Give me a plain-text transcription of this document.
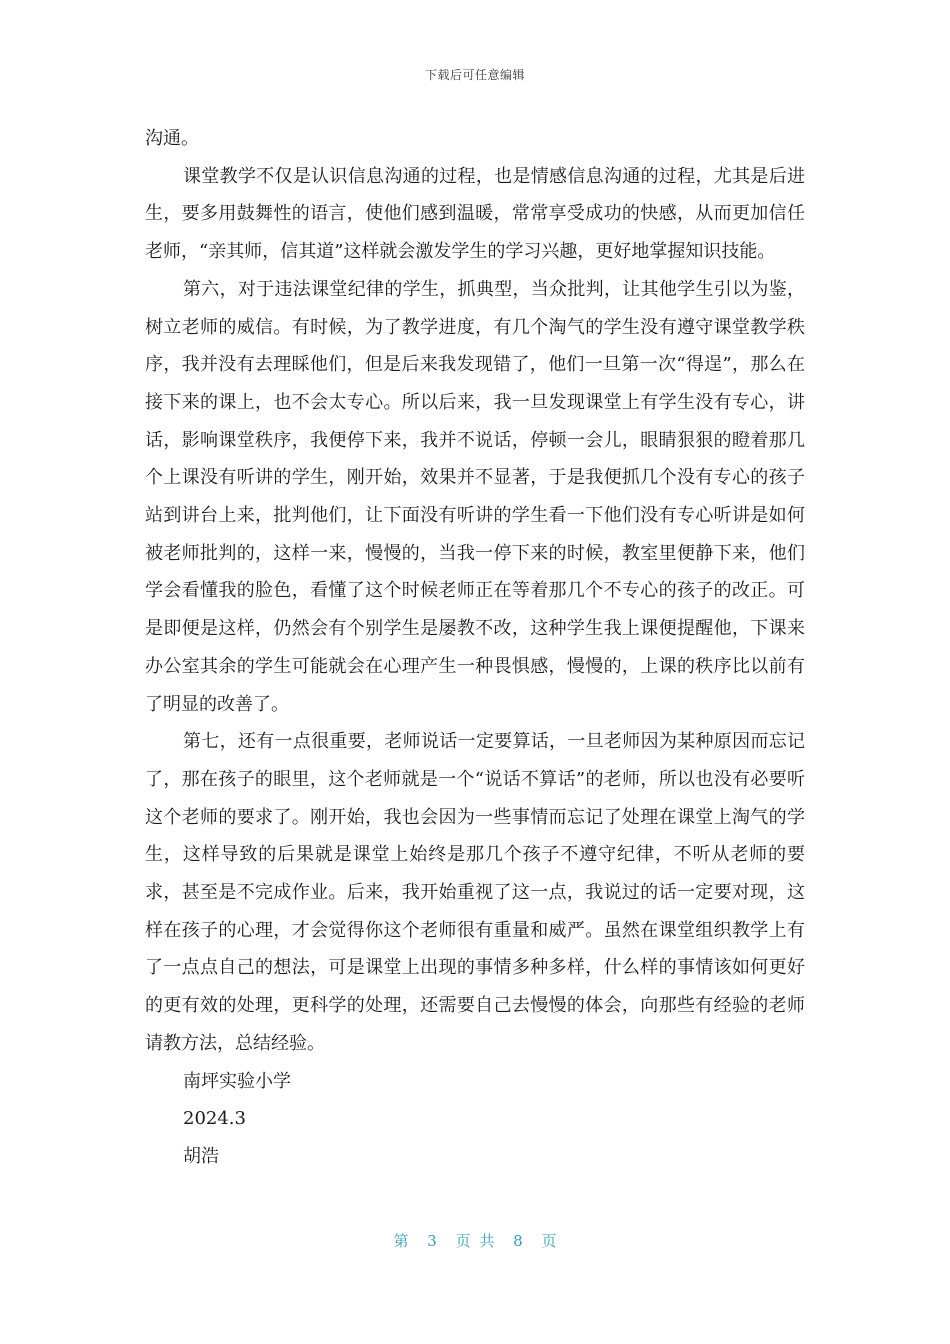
下载后可任意编辑

沟通。

课堂教学不仅是认识信息沟通的过程，也是情感信息沟通的过程，尤其是后进生，要多用鼓舞性的语言，使他们感到温暖，常常享受成功的快感，从而更加信任老师，“亲其师，信其道”这样就会激发学生的学习兴趣，更好地掌握知识技能。

第六，对于违法课堂纪律的学生，抓典型，当众批判，让其他学生引以为鉴，树立老师的威信。有时候，为了教学进度，有几个淘气的学生没有遵守课堂教学秩序，我并没有去理睬他们，但是后来我发现错了，他们一旦第一次“得逞”，那么在接下来的课上，也不会太专心。所以后来，我一旦发现课堂上有学生没有专心，讲话，影响课堂秩序，我便停下来，我并不说话，停顿一会儿，眼睛狠狠的瞪着那几个上课没有听讲的学生，刚开始，效果并不显著，于是我便抓几个没有专心的孩子站到讲台上来，批判他们，让下面没有听讲的学生看一下他们没有专心听讲是如何被老师批判的，这样一来，慢慢的，当我一停下来的时候，教室里便静下来，他们学会看懂我的脸色，看懂了这个时候老师正在等着那几个不专心的孩子的改正。可是即便是这样，仍然会有个别学生是屡教不改，这种学生我上课便提醒他，下课来办公室其余的学生可能就会在心理产生一种畏惧感，慢慢的，上课的秩序比以前有了明显的改善了。

第七，还有一点很重要，老师说话一定要算话，一旦老师因为某种原因而忘记了，那在孩子的眼里，这个老师就是一个“说话不算话”的老师，所以也没有必要听这个老师的要求了。刚开始，我也会因为一些事情而忘记了处理在课堂上淘气的学生，这样导致的后果就是课堂上始终是那几个孩子不遵守纪律，不听从老师的要求，甚至是不完成作业。后来，我开始重视了这一点，我说过的话一定要对现，这样在孩子的心理，才会觉得你这个老师很有重量和威严。虽然在课堂组织教学上有了一点点自己的想法，可是课堂上出现的事情多种多样，什么样的事情该如何更好的更有效的处理，更科学的处理，还需要自己去慢慢的体会，向那些有经验的老师请教方法，总结经验。

南坪实验小学

2024.3

胡浩

第 3 页 共 8 页
